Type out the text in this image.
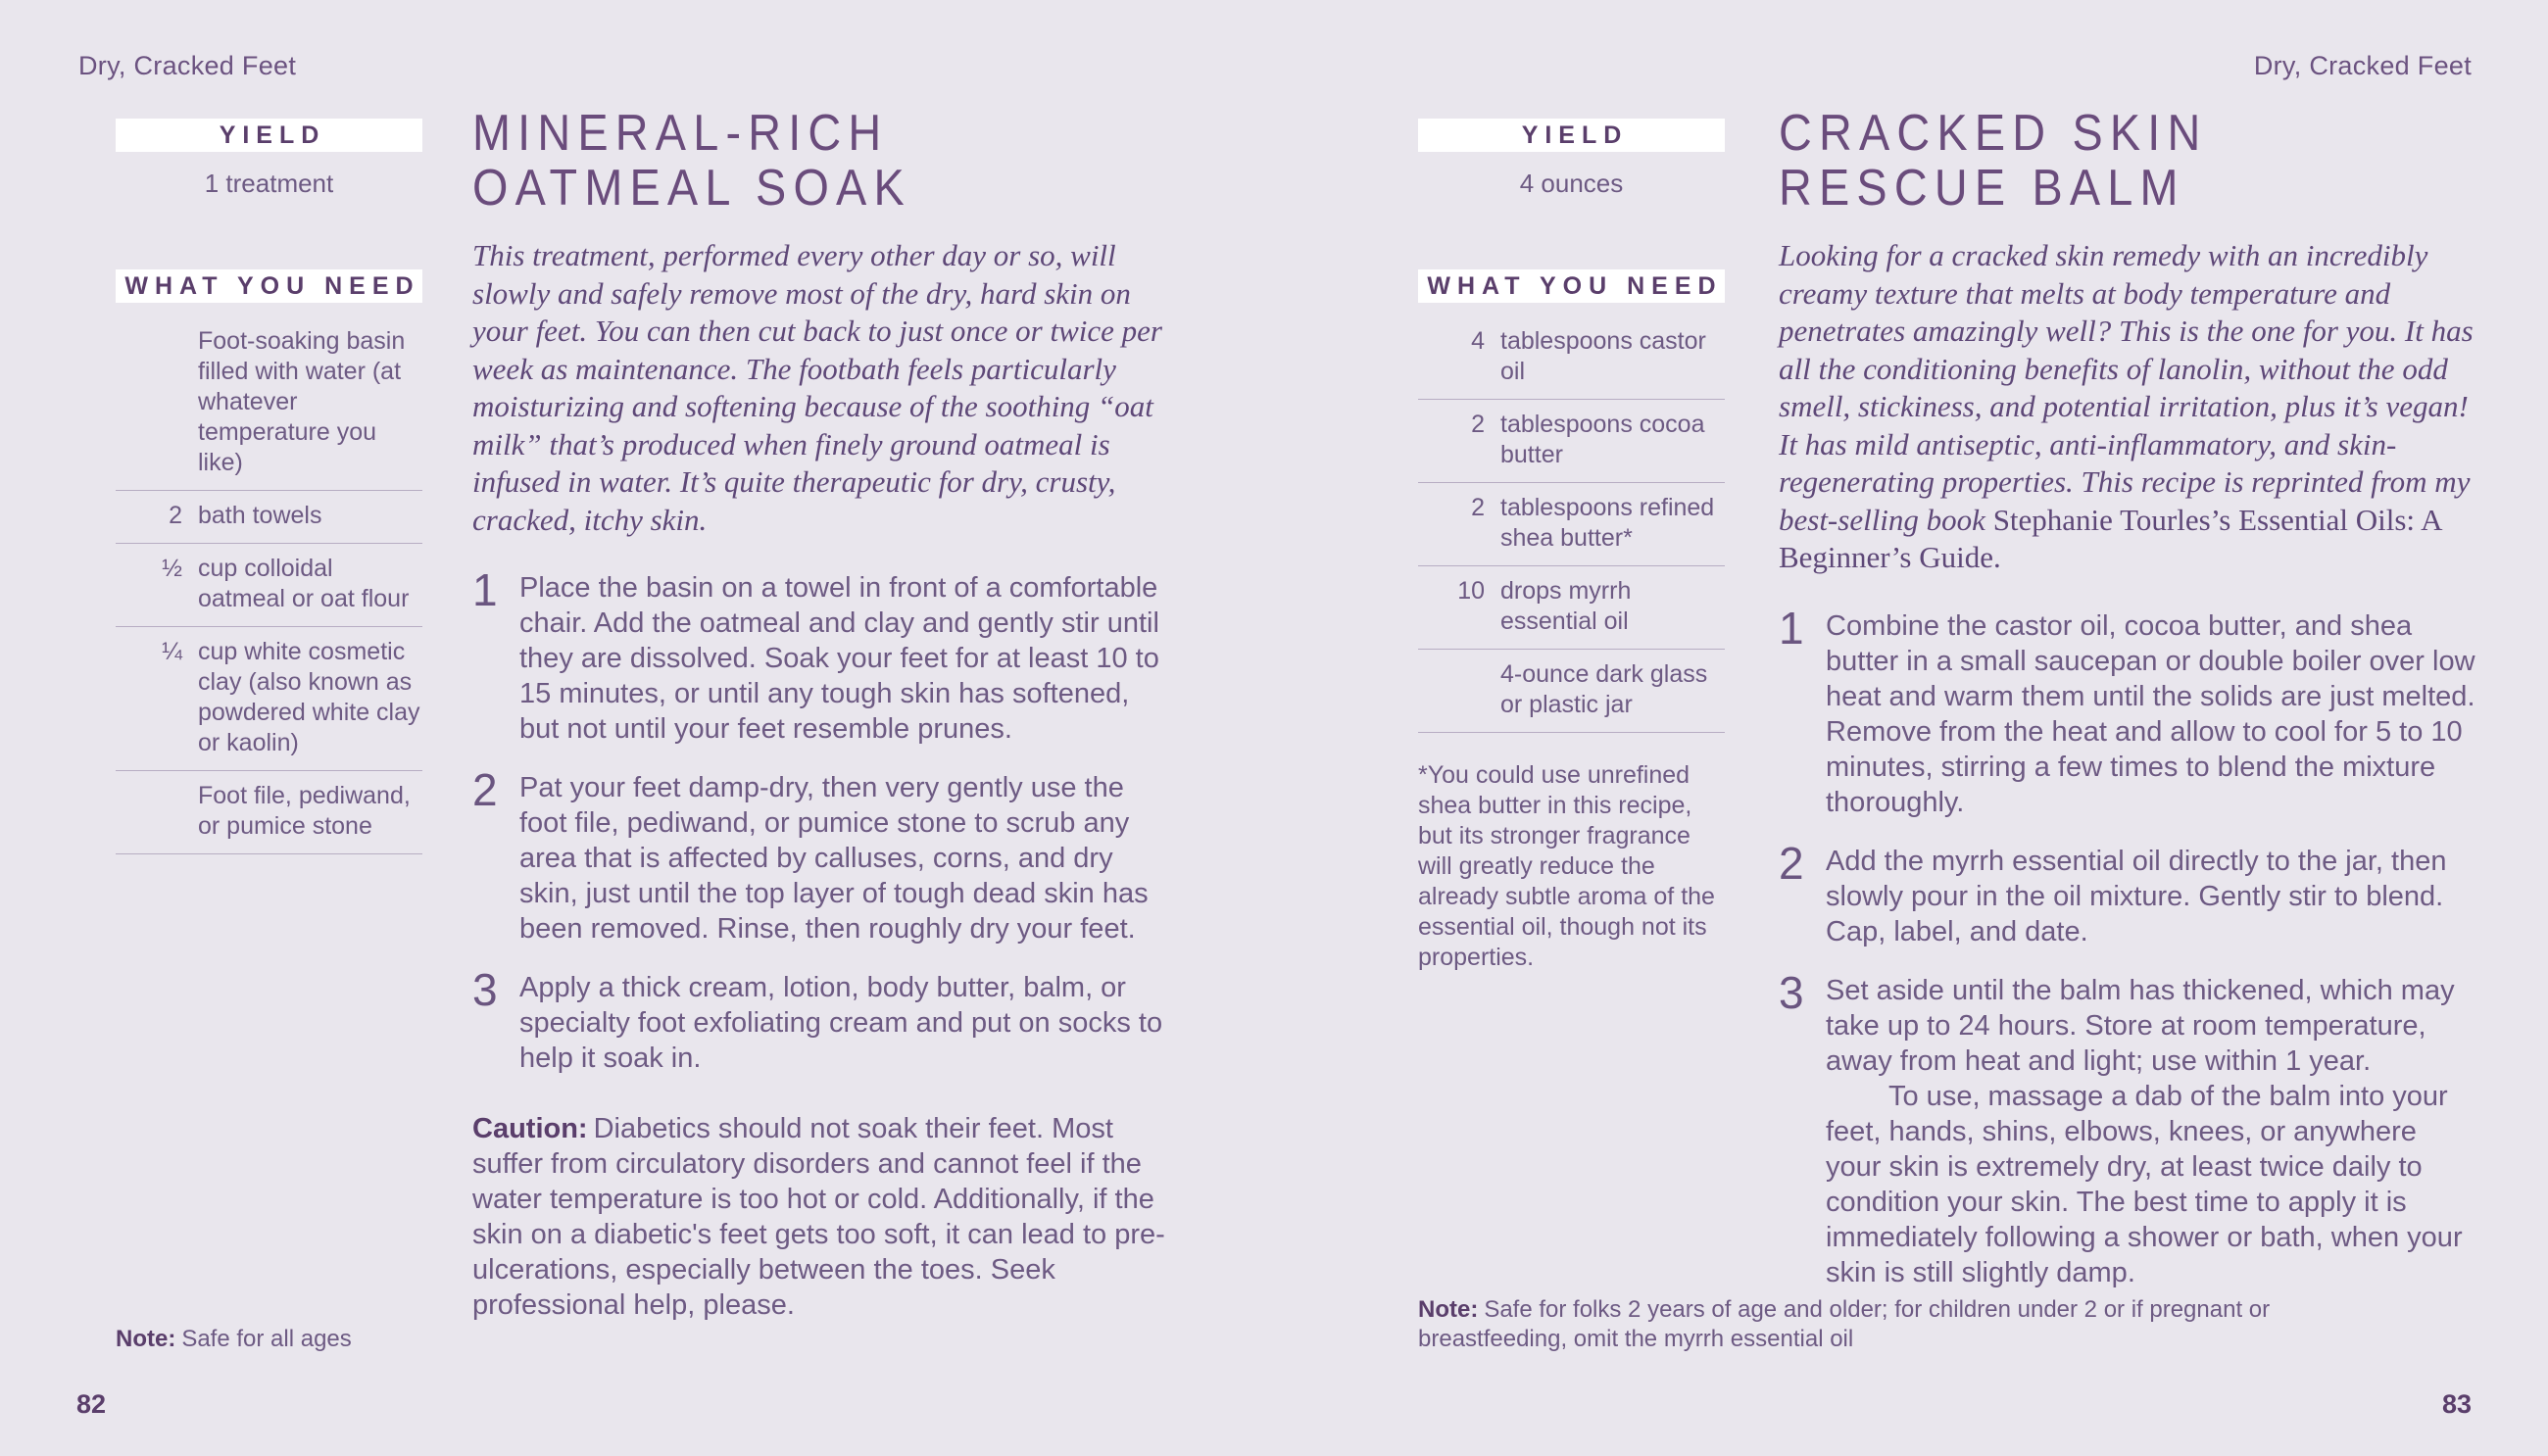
Dry, Cracked Feet
YIELD
1 treatment
WHAT YOU NEED
Foot-soaking basin filled with water (at whatever temperature you like)
2 bath towels
½ cup colloidal oatmeal or oat flour
¼ cup white cosmetic clay (also known as powdered white clay or kaolin)
Foot file, pediwand, or pumice stone
MINERAL-RICH
OATMEAL SOAK

This treatment, performed every other day or so, will slowly and safely remove most of the dry, hard skin on your feet. You can then cut back to just once or twice per week as maintenance. The footbath feels particularly moisturizing and softening because of the soothing “oat milk” that’s produced when finely ground oatmeal is infused in water. It’s quite therapeutic for dry, crusty, cracked, itchy skin.

1 Place the basin on a towel in front of a comfortable chair. Add the oatmeal and clay and gently stir until they are dissolved. Soak your feet for at least 10 to 15 minutes, or until any tough skin has softened, but not until your feet resemble prunes.

2 Pat your feet damp-dry, then very gently use the foot file, pediwand, or pumice stone to scrub any area that is affected by calluses, corns, and dry skin, just until the top layer of tough dead skin has been removed. Rinse, then roughly dry your feet.

3 Apply a thick cream, lotion, body butter, balm, or specialty foot exfoliating cream and put on socks to help it soak in.

Caution: Diabetics should not soak their feet. Most suffer from circulatory disorders and cannot feel if the water temperature is too hot or cold. Additionally, if the skin on a diabetic's feet gets too soft, it can lead to pre-ulcerations, especially between the toes. Seek professional help, please.

Note: Safe for all ages

82
Dry, Cracked Feet
YIELD
4 ounces
WHAT YOU NEED
4 tablespoons castor oil
2 tablespoons cocoa butter
2 tablespoons refined shea butter*
10 drops myrrh essential oil
4-ounce dark glass or plastic jar
*You could use unrefined shea butter in this recipe, but its stronger fragrance will greatly reduce the already subtle aroma of the essential oil, though not its properties.
CRACKED SKIN
RESCUE BALM

Looking for a cracked skin remedy with an incredibly creamy texture that melts at body temperature and penetrates amazingly well? This is the one for you. It has all the conditioning benefits of lanolin, without the odd smell, stickiness, and potential irritation, plus it’s vegan! It has mild antiseptic, anti-inflammatory, and skin-regenerating properties. This recipe is reprinted from my best-selling book Stephanie Tourles’s Essential Oils: A Beginner’s Guide.

1 Combine the castor oil, cocoa butter, and shea butter in a small saucepan or double boiler over low heat and warm them until the solids are just melted. Remove from the heat and allow to cool for 5 to 10 minutes, stirring a few times to blend the mixture thoroughly.

2 Add the myrrh essential oil directly to the jar, then slowly pour in the oil mixture. Gently stir to blend. Cap, label, and date.

3 Set aside until the balm has thickened, which may take up to 24 hours. Store at room temperature, away from heat and light; use within 1 year.

To use, massage a dab of the balm into your feet, hands, shins, elbows, knees, or anywhere your skin is extremely dry, at least twice daily to condition your skin. The best time to apply it is immediately following a shower or bath, when your skin is still slightly damp.

Note: Safe for folks 2 years of age and older; for children under 2 or if pregnant or breastfeeding, omit the myrrh essential oil

83
